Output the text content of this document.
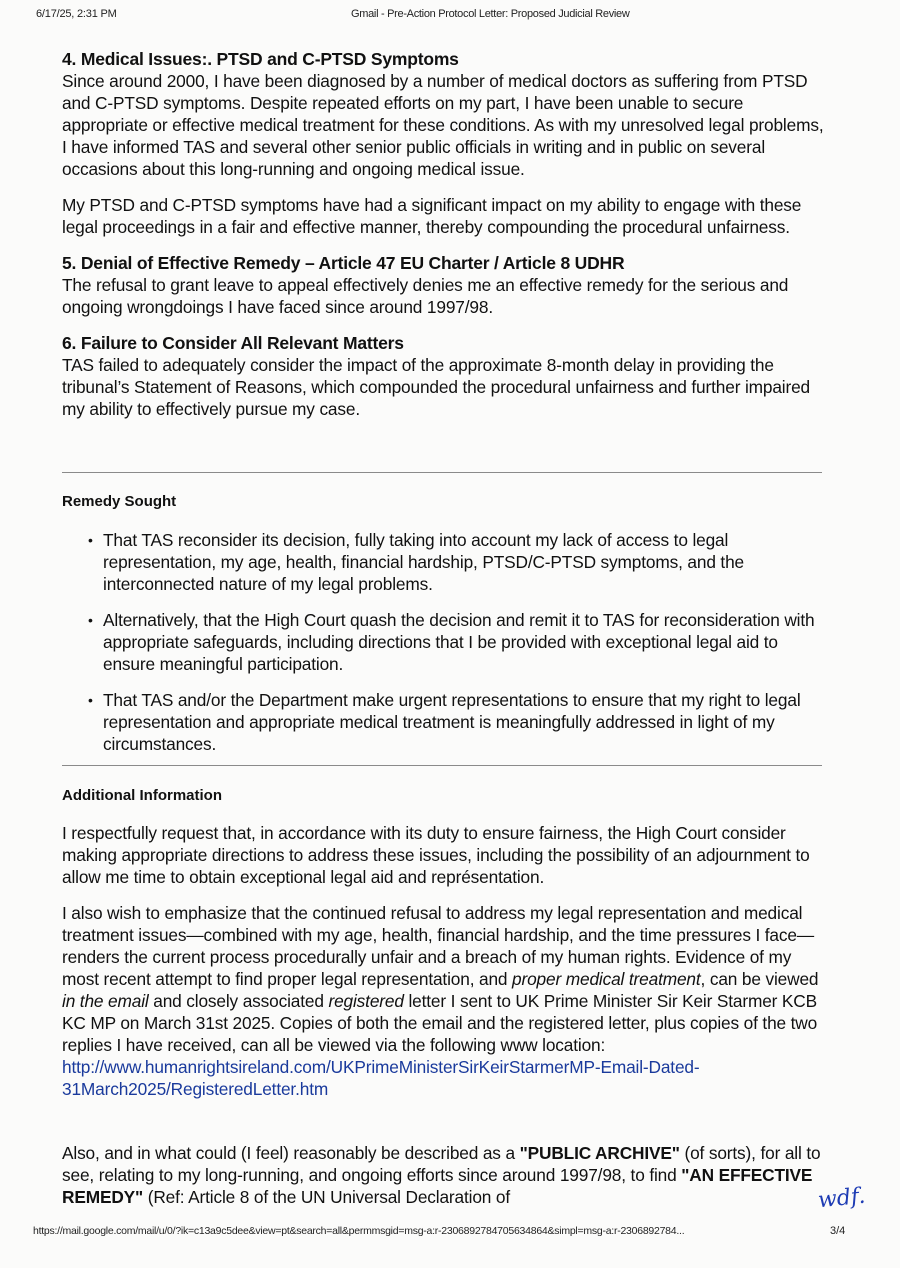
6/17/25, 2:31 PM	Gmail - Pre-Action Protocol Letter: Proposed Judicial Review

4. Medical Issues:. PTSD and C-PTSD Symptoms

Since around 2000, I have been diagnosed by a number of medical doctors as suffering from PTSD and C-PTSD symptoms. Despite repeated efforts on my part, I have been unable to secure appropriate or effective medical treatment for these conditions. As with my unresolved legal problems, I have informed TAS and several other senior public officials in writing and in public on several occasions about this long-running and ongoing medical issue.

My PTSD and C-PTSD symptoms have had a significant impact on my ability to engage with these legal proceedings in a fair and effective manner, thereby compounding the procedural unfairness.

5. Denial of Effective Remedy – Article 47 EU Charter / Article 8 UDHR

The refusal to grant leave to appeal effectively denies me an effective remedy for the serious and ongoing wrongdoings I have faced since around 1997/98.

6. Failure to Consider All Relevant Matters

TAS failed to adequately consider the impact of the approximate 8-month delay in providing the tribunal’s Statement of Reasons, which compounded the procedural unfairness and further impaired my ability to effectively pursue my case.

Remedy Sought
• That TAS reconsider its decision, fully taking into account my lack of access to legal representation, my age, health, financial hardship, PTSD/C-PTSD symptoms, and the interconnected nature of my legal problems.
• Alternatively, that the High Court quash the decision and remit it to TAS for reconsideration with appropriate safeguards, including directions that I be provided with exceptional legal aid to ensure meaningful participation.
• That TAS and/or the Department make urgent representations to ensure that my right to legal representation and appropriate medical treatment is meaningfully addressed in light of my circumstances.
Additional Information

I respectfully request that, in accordance with its duty to ensure fairness, the High Court consider making appropriate directions to address these issues, including the possibility of an adjournment to allow me time to obtain exceptional legal aid and représentation.

I also wish to emphasize that the continued refusal to address my legal representation and medical treatment issues—combined with my age, health, financial hardship, and the time pressures I face—renders the current process procedurally unfair and a breach of my human rights. Evidence of my most recent attempt to find proper legal representation, and proper medical treatment, can be viewed in the email and closely associated registered letter I sent to UK Prime Minister Sir Keir Starmer KCB KC MP on March 31st 2025. Copies of both the email and the registered letter, plus copies of the two replies I have received, can all be viewed via the following www location:
http://www.humanrightsireland.com/UKPrimeMinisterSirKeirStarmerMP-Email-Dated-
31March2025/RegisteredLetter.htm

Also, and in what could (I feel) reasonably be described as a "PUBLIC ARCHIVE" (of sorts), for all to see, relating to my long-running, and ongoing efforts since around 1997/98, to find "AN EFFECTIVE REMEDY" (Ref: Article 8 of the UN Universal Declaration of	wdf.
https://mail.google.com/mail/u/0/?ik=c13a9c5dee&view=pt&search=all&permmsgid=msg-a:r-2306892784705634864&simpl=msg-a:r-2306892784...	3/4
